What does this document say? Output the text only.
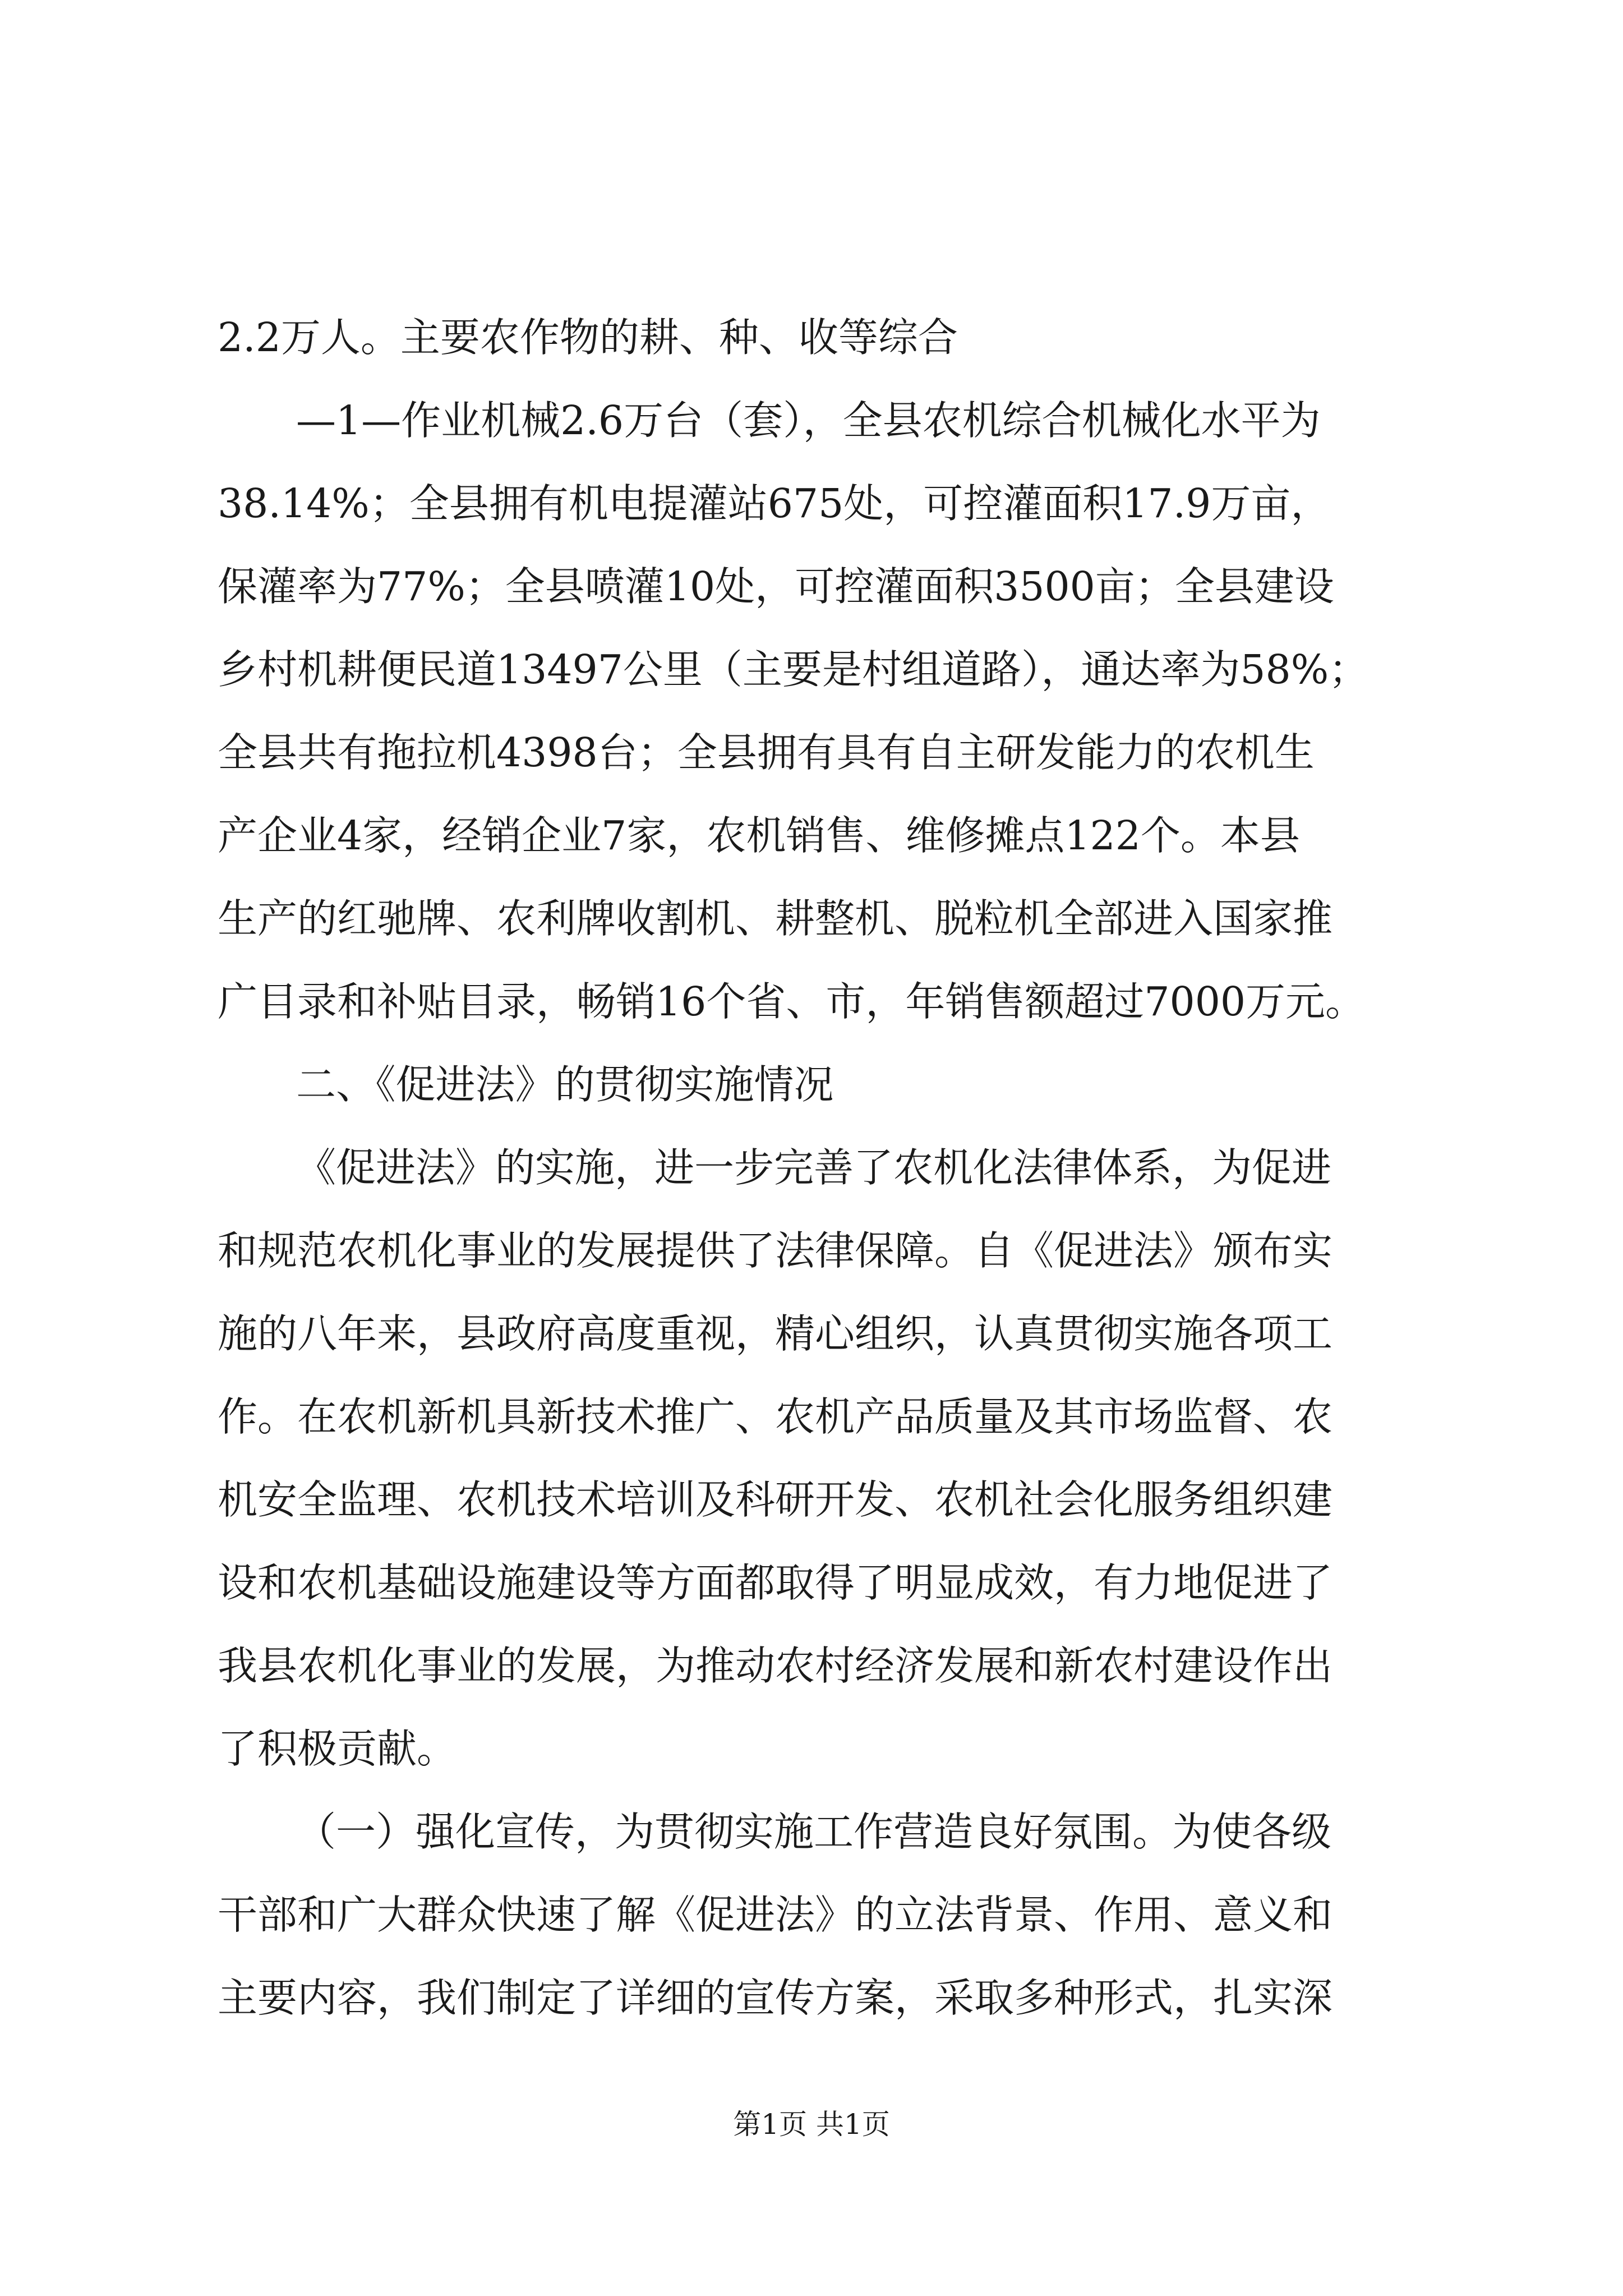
2.2万人。主要农作物的耕、种、收等综合
—1—作业机械2.6万台（套），全县农机综合机械化水平为
38.14%；全县拥有机电提灌站675处，可控灌面积17.9万亩，
保灌率为77%；全县喷灌10处，可控灌面积3500亩；全县建设
乡村机耕便民道13497公里（主要是村组道路），通达率为58%；
全县共有拖拉机4398台；全县拥有具有自主研发能力的农机生
产企业4家，经销企业7家，农机销售、维修摊点122个。本县
生产的红驰牌、农利牌收割机、耕整机、脱粒机全部进入国家推
广目录和补贴目录，畅销16个省、市，年销售额超过7000万元。
二、《促进法》的贯彻实施情况
《促进法》的实施，进一步完善了农机化法律体系，为促进
和规范农机化事业的发展提供了法律保障。自《促进法》颁布实
施的八年来，县政府高度重视，精心组织，认真贯彻实施各项工
作。在农机新机具新技术推广、农机产品质量及其市场监督、农
机安全监理、农机技术培训及科研开发、农机社会化服务组织建
设和农机基础设施建设等方面都取得了明显成效，有力地促进了
我县农机化事业的发展，为推动农村经济发展和新农村建设作出
了积极贡献。
（一）强化宣传，为贯彻实施工作营造良好氛围。为使各级
干部和广大群众快速了解《促进法》的立法背景、作用、意义和
主要内容，我们制定了详细的宣传方案，采取多种形式，扎实深
第1页 共1页
